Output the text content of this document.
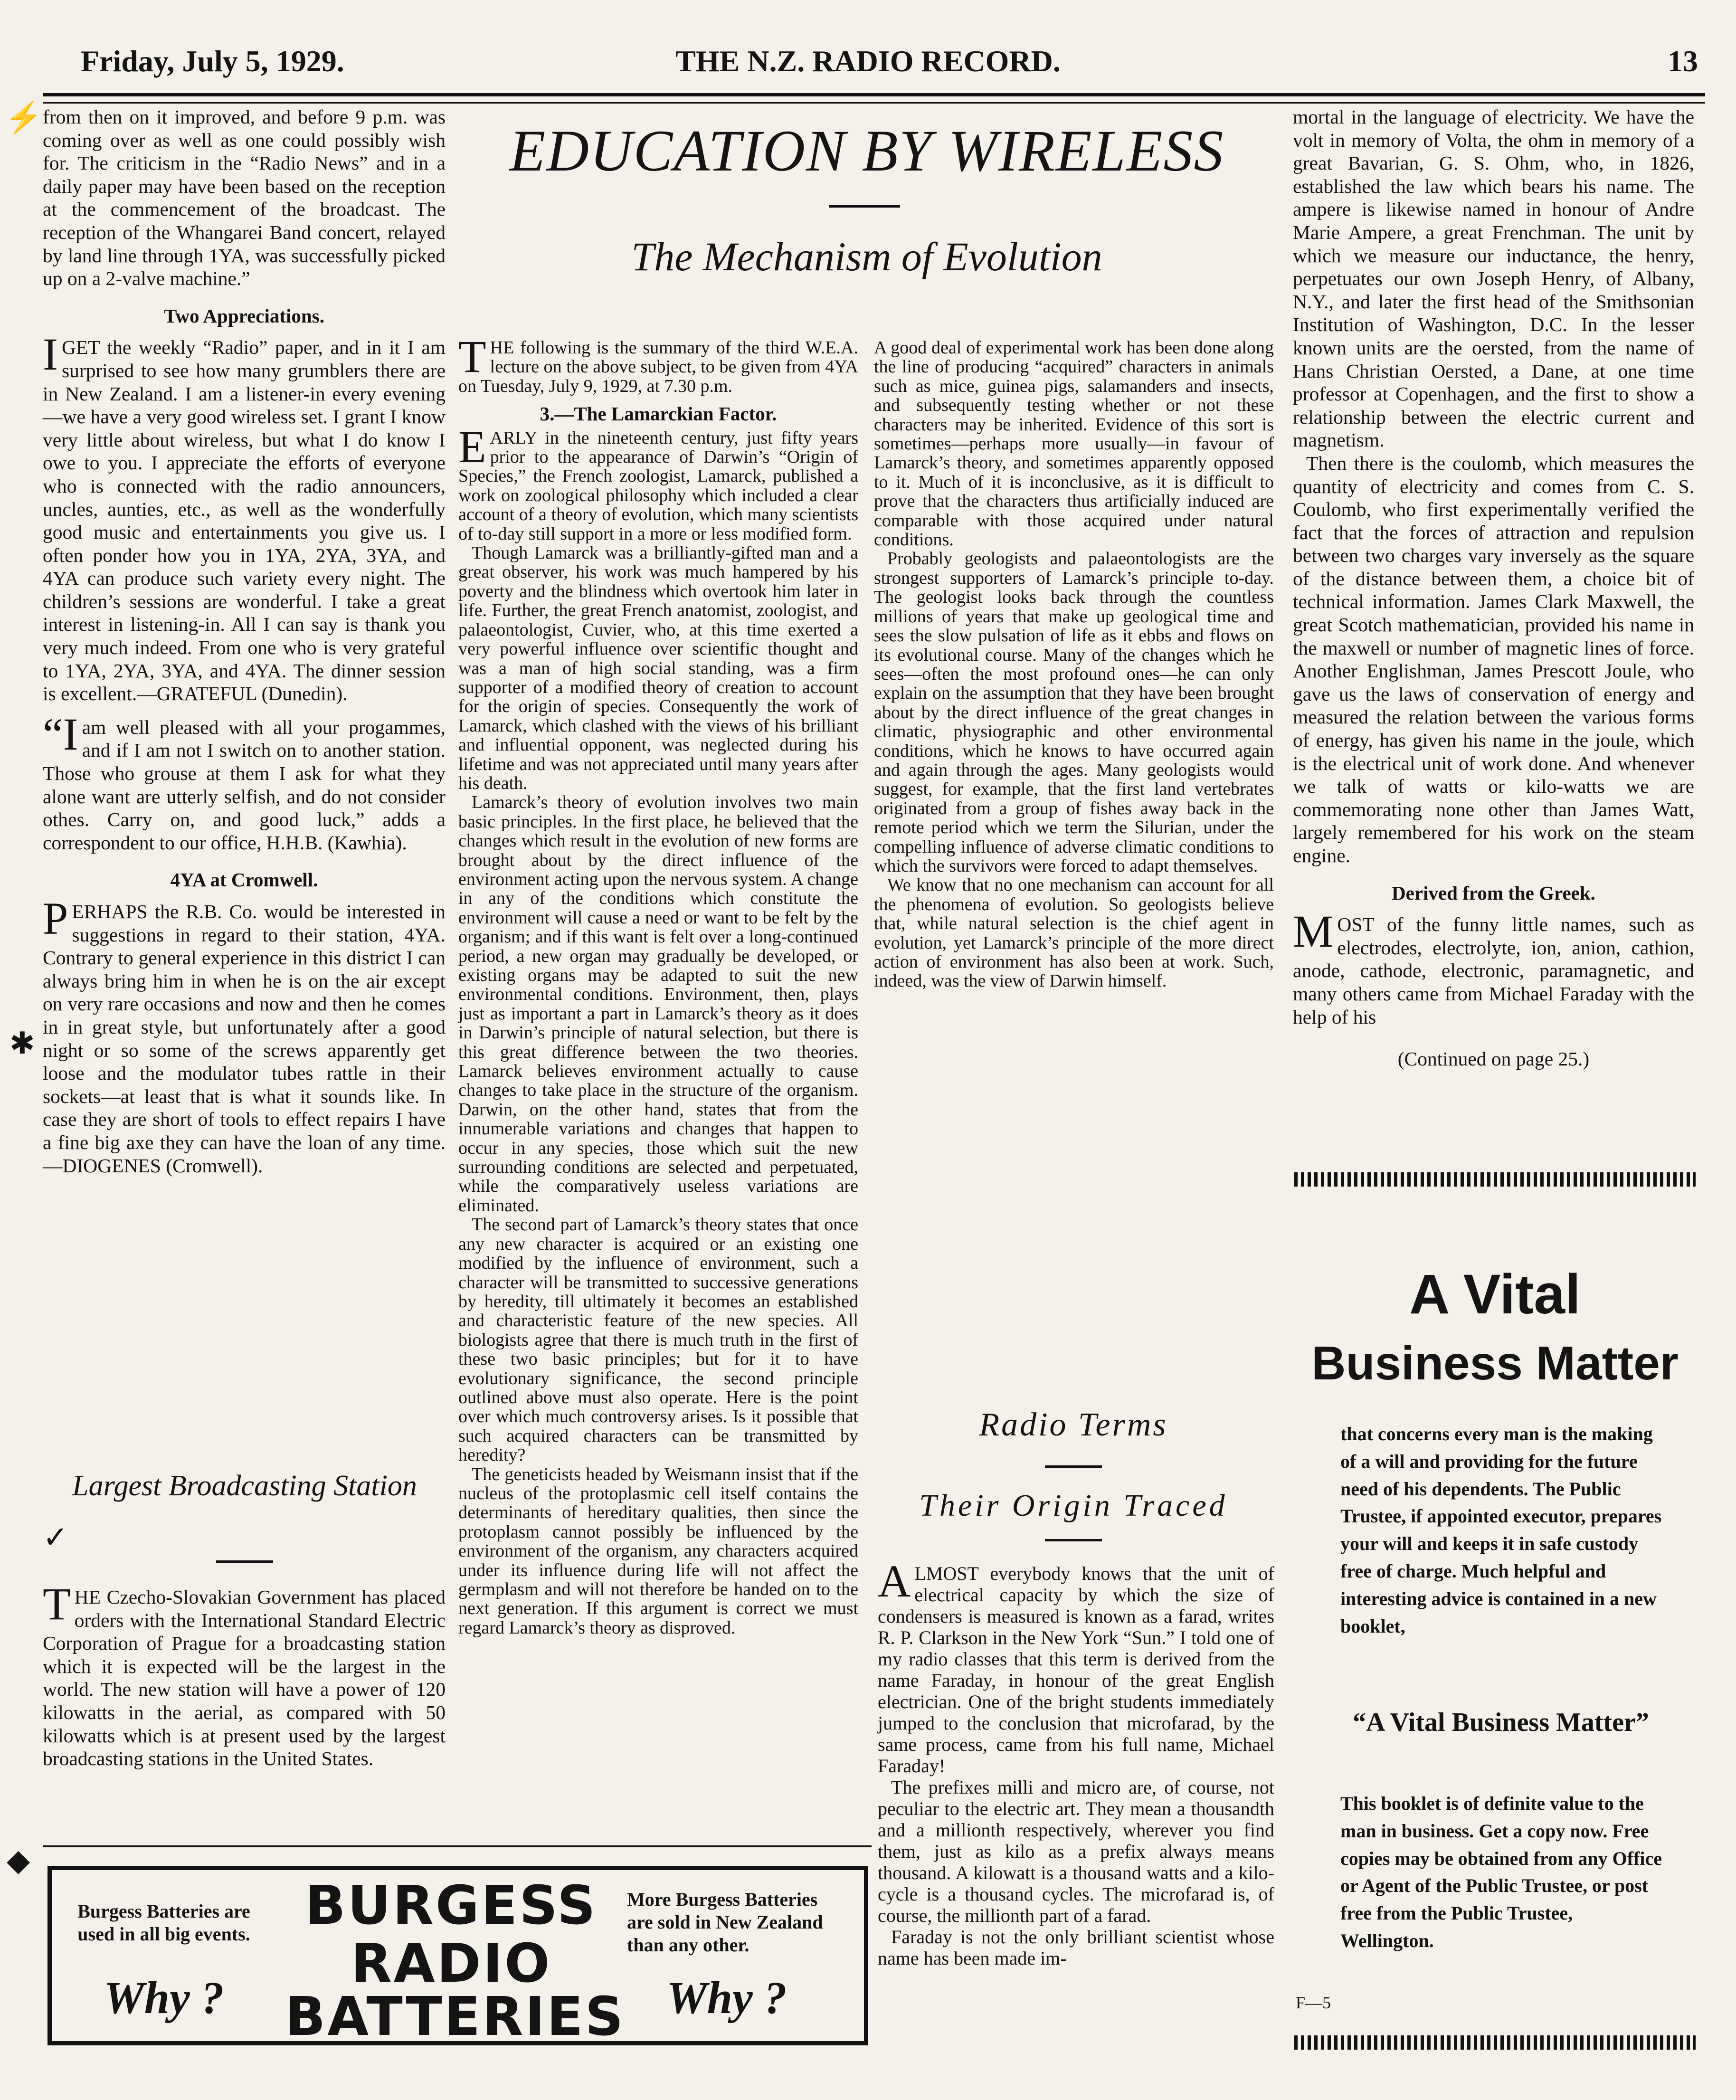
Friday, July 5, 1929.	THE N.Z. RADIO RECORD.	13
⚡
✱
✓
◆

from then on it improved, and before 9 p.m. was coming over as well as one could possibly wish for. The criticism in the “Radio News” and in a daily paper may have been based on the reception at the commencement of the broadcast. The reception of the Whangarei Band concert, relayed by land line through 1YA, was successfully picked up on a 2-valve machine.”

Two Appreciations.

IGET the weekly “Radio” paper, and in it I am surprised to see how many grumblers there are in New Zealand. I am a listener-in every evening—we have a very good wireless set. I grant I know very little about wireless, but what I do know I owe to you. I appreciate the efforts of everyone who is connected with the radio announcers, uncles, aunties, etc., as well as the wonderfully good music and entertainments you give us. I often ponder how you in 1YA, 2YA, 3YA, and 4YA can produce such variety every night. The children’s sessions are wonderful. I take a great interest in listening-in. All I can say is thank you very much indeed. From one who is very grateful to 1YA, 2YA, 3YA, and 4YA. The dinner session is excellent.—GRATEFUL (Dunedin).

“Iam well pleased with all your progammes, and if I am not I switch on to another station. Those who grouse at them I ask for what they alone want are utterly selfish, and do not consider othes. Carry on, and good luck,” adds a correspondent to our office, H.H.B. (Kawhia).

4YA at Cromwell.

PERHAPS the R.B. Co. would be interested in suggestions in regard to their station, 4YA. Contrary to general experience in this district I can always bring him in when he is on the air except on very rare occasions and now and then he comes in in great style, but unfortunately after a good night or so some of the screws apparently get loose and the modulator tubes rattle in their sockets—at least that is what it sounds like. In case they are short of tools to effect repairs I have a fine big axe they can have the loan of any time.—DIOGENES (Cromwell).

Largest Broadcasting Station

THE Czecho-Slovakian Government has placed orders with the International Standard Electric Corporation of Prague for a broadcasting station which it is expected will be the largest in the world. The new station will have a power of 120 kilowatts in the aerial, as compared with 50 kilowatts which is at present used by the largest broadcasting stations in the United States.

EDUCATION BY WIRELESS
The Mechanism of Evolution

THE following is the summary of the third W.E.A. lecture on the above subject, to be given from 4YA on Tuesday, July 9, 1929, at 7.30 p.m.

3.—The Lamarckian Factor.

EARLY in the nineteenth century, just fifty years prior to the appearance of Darwin’s “Origin of Species,” the French zoologist, Lamarck, published a work on zoological philosophy which included a clear account of a theory of evolution, which many scientists of to-day still support in a more or less modified form.

Though Lamarck was a brilliantly-gifted man and a great observer, his work was much hampered by his poverty and the blindness which overtook him later in life. Further, the great French anatomist, zoologist, and palaeontologist, Cuvier, who, at this time exerted a very powerful influence over scientific thought and was a man of high social standing, was a firm supporter of a modified theory of creation to account for the origin of species. Consequently the work of Lamarck, which clashed with the views of his brilliant and influential opponent, was neglected during his lifetime and was not appreciated until many years after his death.

Lamarck’s theory of evolution involves two main basic principles. In the first place, he believed that the changes which result in the evolution of new forms are brought about by the direct influence of the environment acting upon the nervous system. A change in any of the conditions which constitute the environment will cause a need or want to be felt by the organism; and if this want is felt over a long-continued period, a new organ may gradually be developed, or existing organs may be adapted to suit the new environmental conditions. Environment, then, plays just as important a part in Lamarck’s theory as it does in Darwin’s principle of natural selection, but there is this great difference between the two theories. Lamarck believes environment actually to cause changes to take place in the structure of the organism. Darwin, on the other hand, states that from the innumerable variations and changes that happen to occur in any species, those which suit the new surrounding conditions are selected and perpetuated, while the comparatively useless variations are eliminated.

The second part of Lamarck’s theory states that once any new character is acquired or an existing one modified by the influence of environment, such a character will be transmitted to successive generations by heredity, till ultimately it becomes an established and characteristic feature of the new species. All biologists agree that there is much truth in the first of these two basic principles; but for it to have evolutionary significance, the second principle outlined above must also operate. Here is the point over which much controversy arises. Is it possible that such acquired characters can be transmitted by heredity?

The geneticists headed by Weismann insist that if the nucleus of the protoplasmic cell itself contains the determinants of hereditary qualities, then since the protoplasm cannot possibly be influenced by the environment of the organism, any characters acquired under its influence during life will not affect the germplasm and will not therefore be handed on to the next generation. If this argument is correct we must regard Lamarck’s theory as disproved.

A good deal of experimental work has been done along the line of producing “acquired” characters in animals such as mice, guinea pigs, salamanders and insects, and subsequently testing whether or not these characters may be inherited. Evidence of this sort is sometimes—perhaps more usually—in favour of Lamarck’s theory, and sometimes apparently opposed to it. Much of it is inconclusive, as it is difficult to prove that the characters thus artificially induced are comparable with those acquired under natural conditions.

Probably geologists and palaeontologists are the strongest supporters of Lamarck’s principle to-day. The geologist looks back through the countless millions of years that make up geological time and sees the slow pulsation of life as it ebbs and flows on its evolutional course. Many of the changes which he sees—often the most profound ones—he can only explain on the assumption that they have been brought about by the direct influence of the great changes in climatic, physiographic and other environmental conditions, which he knows to have occurred again and again through the ages. Many geologists would suggest, for example, that the first land vertebrates originated from a group of fishes away back in the remote period which we term the Silurian, under the compelling influence of adverse climatic conditions to which the survivors were forced to adapt themselves.

We know that no one mechanism can account for all the phenomena of evolution. So geologists believe that, while natural selection is the chief agent in evolution, yet Lamarck’s principle of the more direct action of environment has also been at work. Such, indeed, was the view of Darwin himself.

Radio Terms
Their Origin Traced

ALMOST everybody knows that the unit of electrical capacity by which the size of condensers is measured is known as a farad, writes R. P. Clarkson in the New York “Sun.” I told one of my radio classes that this term is derived from the name Faraday, in honour of the great English electrician. One of the bright students immediately jumped to the conclusion that microfarad, by the same process, came from his full name, Michael Faraday!

The prefixes milli and micro are, of course, not peculiar to the electric art. They mean a thousandth and a millionth respectively, wherever you find them, just as kilo as a prefix always means thousand. A kilowatt is a thousand watts and a kilo-cycle is a thousand cycles. The microfarad is, of course, the millionth part of a farad.

Faraday is not the only brilliant scientist whose name has been made im-

mortal in the language of electricity. We have the volt in memory of Volta, the ohm in memory of a great Bavarian, G. S. Ohm, who, in 1826, established the law which bears his name. The ampere is likewise named in honour of Andre Marie Ampere, a great Frenchman. The unit by which we measure our inductance, the henry, perpetuates our own Joseph Henry, of Albany, N.Y., and later the first head of the Smithsonian Institution of Washington, D.C. In the lesser known units are the oersted, from the name of Hans Christian Oersted, a Dane, at one time professor at Copenhagen, and the first to show a relationship between the electric current and magnetism.

Then there is the coulomb, which measures the quantity of electricity and comes from C. S. Coulomb, who first experimentally verified the fact that the forces of attraction and repulsion between two charges vary inversely as the square of the distance between them, a choice bit of technical information. James Clark Maxwell, the great Scotch mathematician, provided his name in the maxwell or number of magnetic lines of force. Another Englishman, James Prescott Joule, who gave us the laws of conservation of energy and measured the relation between the various forms of energy, has given his name in the joule, which is the electrical unit of work done. And whenever we talk of watts or kilo-watts we are commemorating none other than James Watt, largely remembered for his work on the steam engine.

Derived from the Greek.

MOST of the funny little names, such as electrodes, electrolyte, ion, anion, cathion, anode, cathode, electronic, paramagnetic, and many others came from Michael Faraday with the help of his

(Continued on page 25.)
A Vital
Business Matter
that concerns every man is the making of a will and providing for the future need of his dependents. The Public Trustee, if appointed executor, prepares your will and keeps it in safe custody free of charge. Much helpful and interesting advice is contained in a new booklet,
“A Vital Business Matter”
This booklet is of definite value to the man in business. Get a copy now. Free copies may be obtained from any Office or Agent of the Public Trustee, or post free from the Public Trustee, Wellington.
F—5
Burgess Batteries are used in all big events.
Why ?
BURGESS
RADIO
BATTERIES
More Burgess Batteries are sold in New Zealand than any other.
Why ?
